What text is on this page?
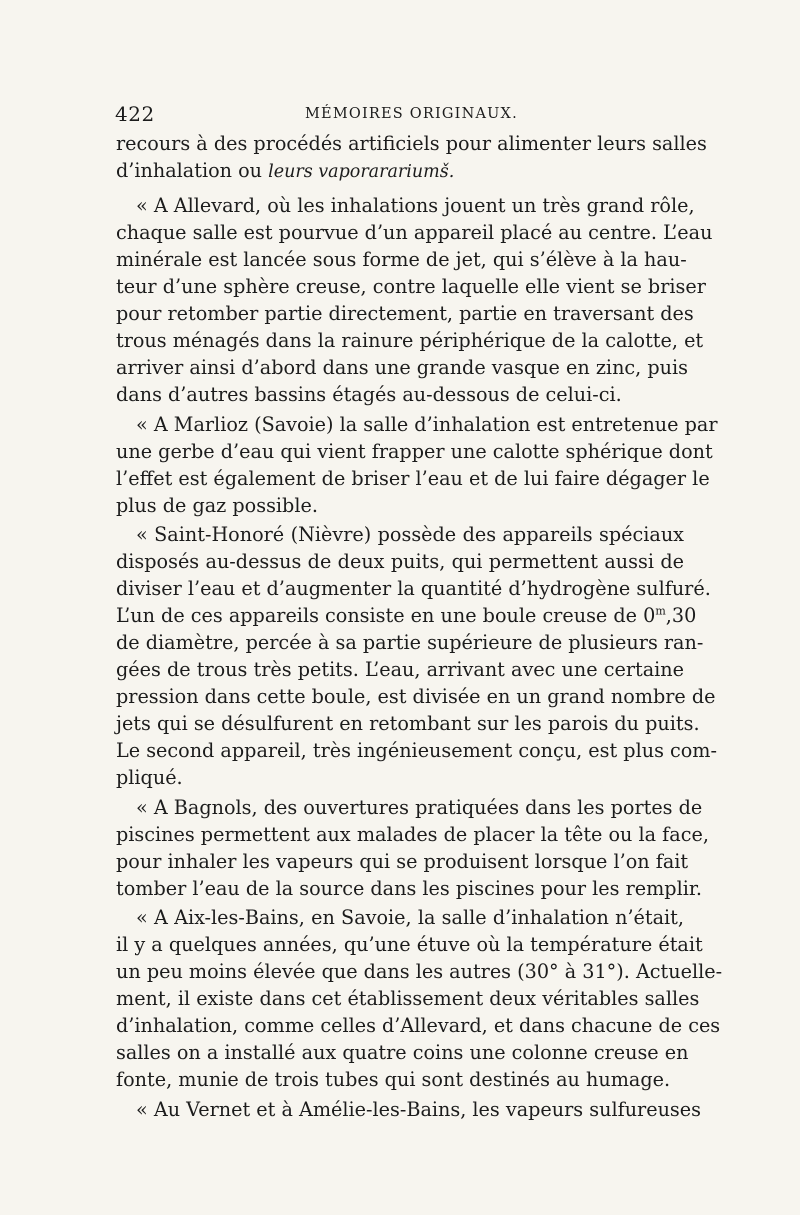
422	MÉMOIRES ORIGINAUX.
recours à des procédés artificiels pour alimenter leurs salles
d’inhalation ou leurs vaporarariumš.
« A Allevard, où les inhalations jouent un très grand rôle,
chaque salle est pourvue d’un appareil placé au centre. L’eau
minérale est lancée sous forme de jet, qui s’élève à la hau-
teur d’une sphère creuse, contre laquelle elle vient se briser
pour retomber partie directement, partie en traversant des
trous ménagés dans la rainure périphérique de la calotte, et
arriver ainsi d’abord dans une grande vasque en zinc, puis
dans d’autres bassins étagés au-dessous de celui-ci.
« A Marlioz (Savoie) la salle d’inhalation est entretenue par
une gerbe d’eau qui vient frapper une calotte sphérique dont
l’effet est également de briser l’eau et de lui faire dégager le
plus de gaz possible.
« Saint-Honoré (Nièvre) possède des appareils spéciaux
disposés au-dessus de deux puits, qui permettent aussi de
diviser l’eau et d’augmenter la quantité d’hydrogène sulfuré.
L’un de ces appareils consiste en une boule creuse de 0$^m$,30
de diamètre, percée à sa partie supérieure de plusieurs ran-
gées de trous très petits. L’eau, arrivant avec une certaine
pression dans cette boule, est divisée en un grand nombre de
jets qui se désulfurent en retombant sur les parois du puits.
Le second appareil, très ingénieusement conçu, est plus com-
pliqué.
« A Bagnols, des ouvertures pratiquées dans les portes de
piscines permettent aux malades de placer la tête ou la face,
pour inhaler les vapeurs qui se produisent lorsque l’on fait
tomber l’eau de la source dans les piscines pour les remplir.
« A Aix-les-Bains, en Savoie, la salle d’inhalation n’était,
il y a quelques années, qu’une étuve où la température était
un peu moins élevée que dans les autres (30° à 31°). Actuelle-
ment, il existe dans cet établissement deux véritables salles
d’inhalation, comme celles d’Allevard, et dans chacune de ces
salles on a installé aux quatre coins une colonne creuse en
fonte, munie de trois tubes qui sont destinés au humage.
« Au Vernet et à Amélie-les-Bains, les vapeurs sulfureuses
